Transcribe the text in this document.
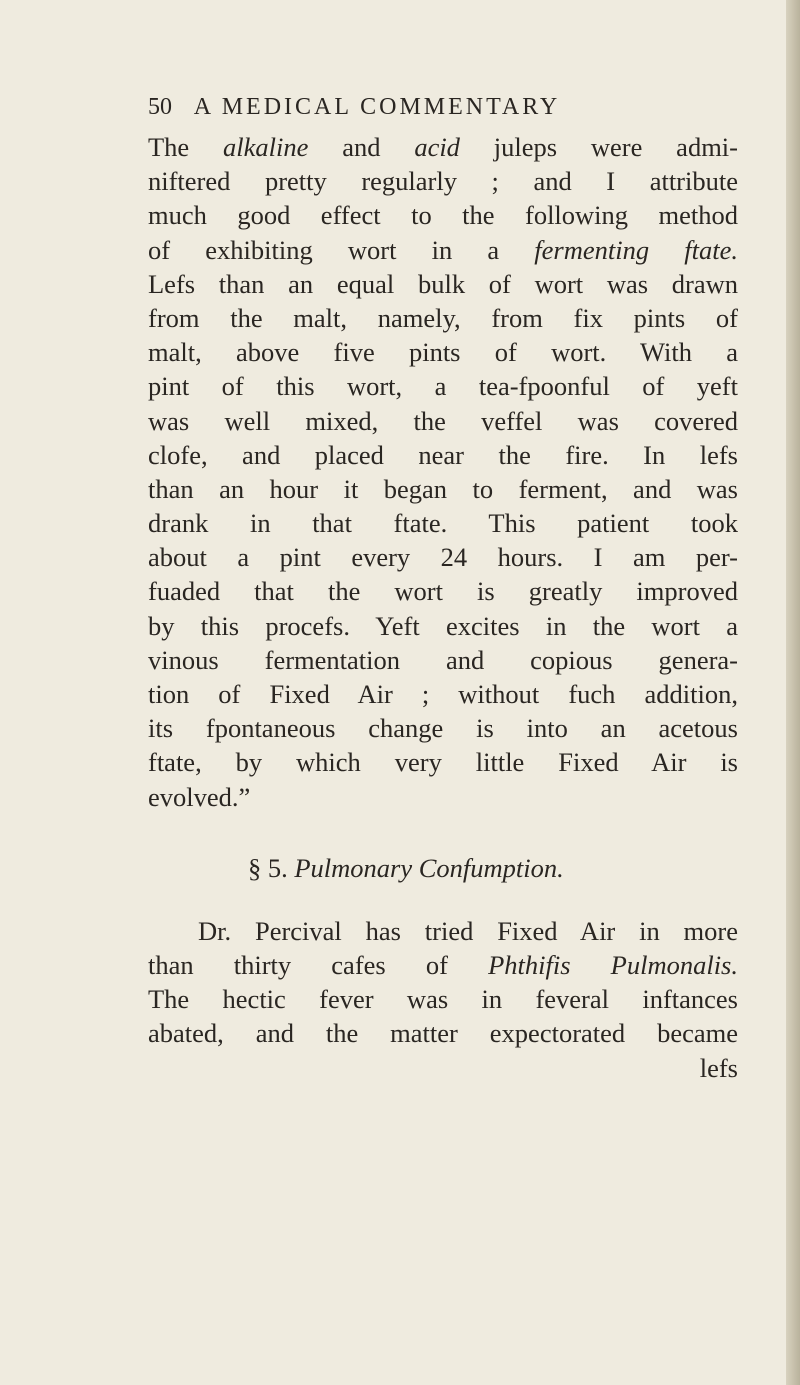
50 A MEDICAL COMMENTARY
The alkaline and acid juleps were admi-
niftered pretty regularly ; and I attribute
much good effect to the following method
of exhibiting wort in a fermenting ftate.
Lefs than an equal bulk of wort was drawn
from the malt, namely, from fix pints of
malt, above five pints of wort. With a
pint of this wort, a tea-fpoonful of yeft
was well mixed, the veffel was covered
clofe, and placed near the fire. In lefs
than an hour it began to ferment, and was
drank in that ftate. This patient took
about a pint every 24 hours. I am per-
fuaded that the wort is greatly improved
by this procefs. Yeft excites in the wort a
vinous fermentation and copious genera-
tion of Fixed Air ; without fuch addition,
its fpontaneous change is into an acetous
ftate, by which very little Fixed Air is
evolved.”
§ 5. Pulmonary Confumption.
Dr. Percival has tried Fixed Air in more
than thirty cafes of Phthifis Pulmonalis.
The hectic fever was in feveral inftances
abated, and the matter expectorated became
lefs
